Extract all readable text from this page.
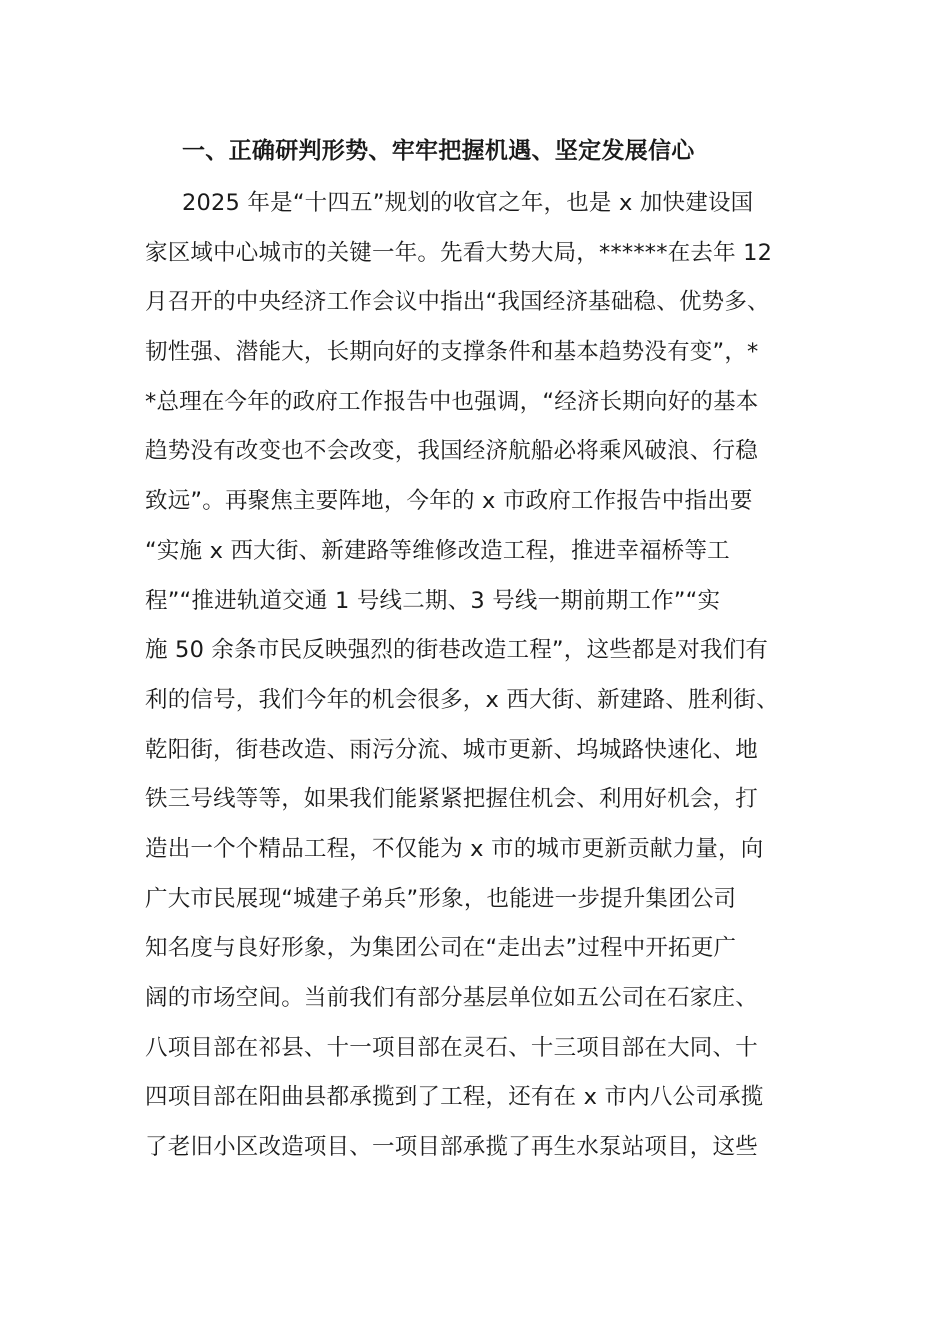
一、正确研判形势、牢牢把握机遇、坚定发展信心
2025 年是“十四五”规划的收官之年，也是 x 加快建设国
家区域中心城市的关键一年。先看大势大局，******在去年 12
月召开的中央经济工作会议中指出“我国经济基础稳、优势多、
韧性强、潜能大，长期向好的支撑条件和基本趋势没有变”，*
*总理在今年的政府工作报告中也强调，“经济长期向好的基本
趋势没有改变也不会改变，我国经济航船必将乘风破浪、行稳
致远”。再聚焦主要阵地，今年的 x 市政府工作报告中指出要
“实施 x 西大街、新建路等维修改造工程，推进幸福桥等工
程”“推进轨道交通 1 号线二期、3 号线一期前期工作”“实
施 50 余条市民反映强烈的街巷改造工程”，这些都是对我们有
利的信号，我们今年的机会很多，x 西大街、新建路、胜利街、
乾阳街，街巷改造、雨污分流、城市更新、坞城路快速化、地
铁三号线等等，如果我们能紧紧把握住机会、利用好机会，打
造出一个个精品工程，不仅能为 x 市的城市更新贡献力量，向
广大市民展现“城建子弟兵”形象，也能进一步提升集团公司
知名度与良好形象，为集团公司在“走出去”过程中开拓更广
阔的市场空间。当前我们有部分基层单位如五公司在石家庄、
八项目部在祁县、十一项目部在灵石、十三项目部在大同、十
四项目部在阳曲县都承揽到了工程，还有在 x 市内八公司承揽
了老旧小区改造项目、一项目部承揽了再生水泵站项目，这些
